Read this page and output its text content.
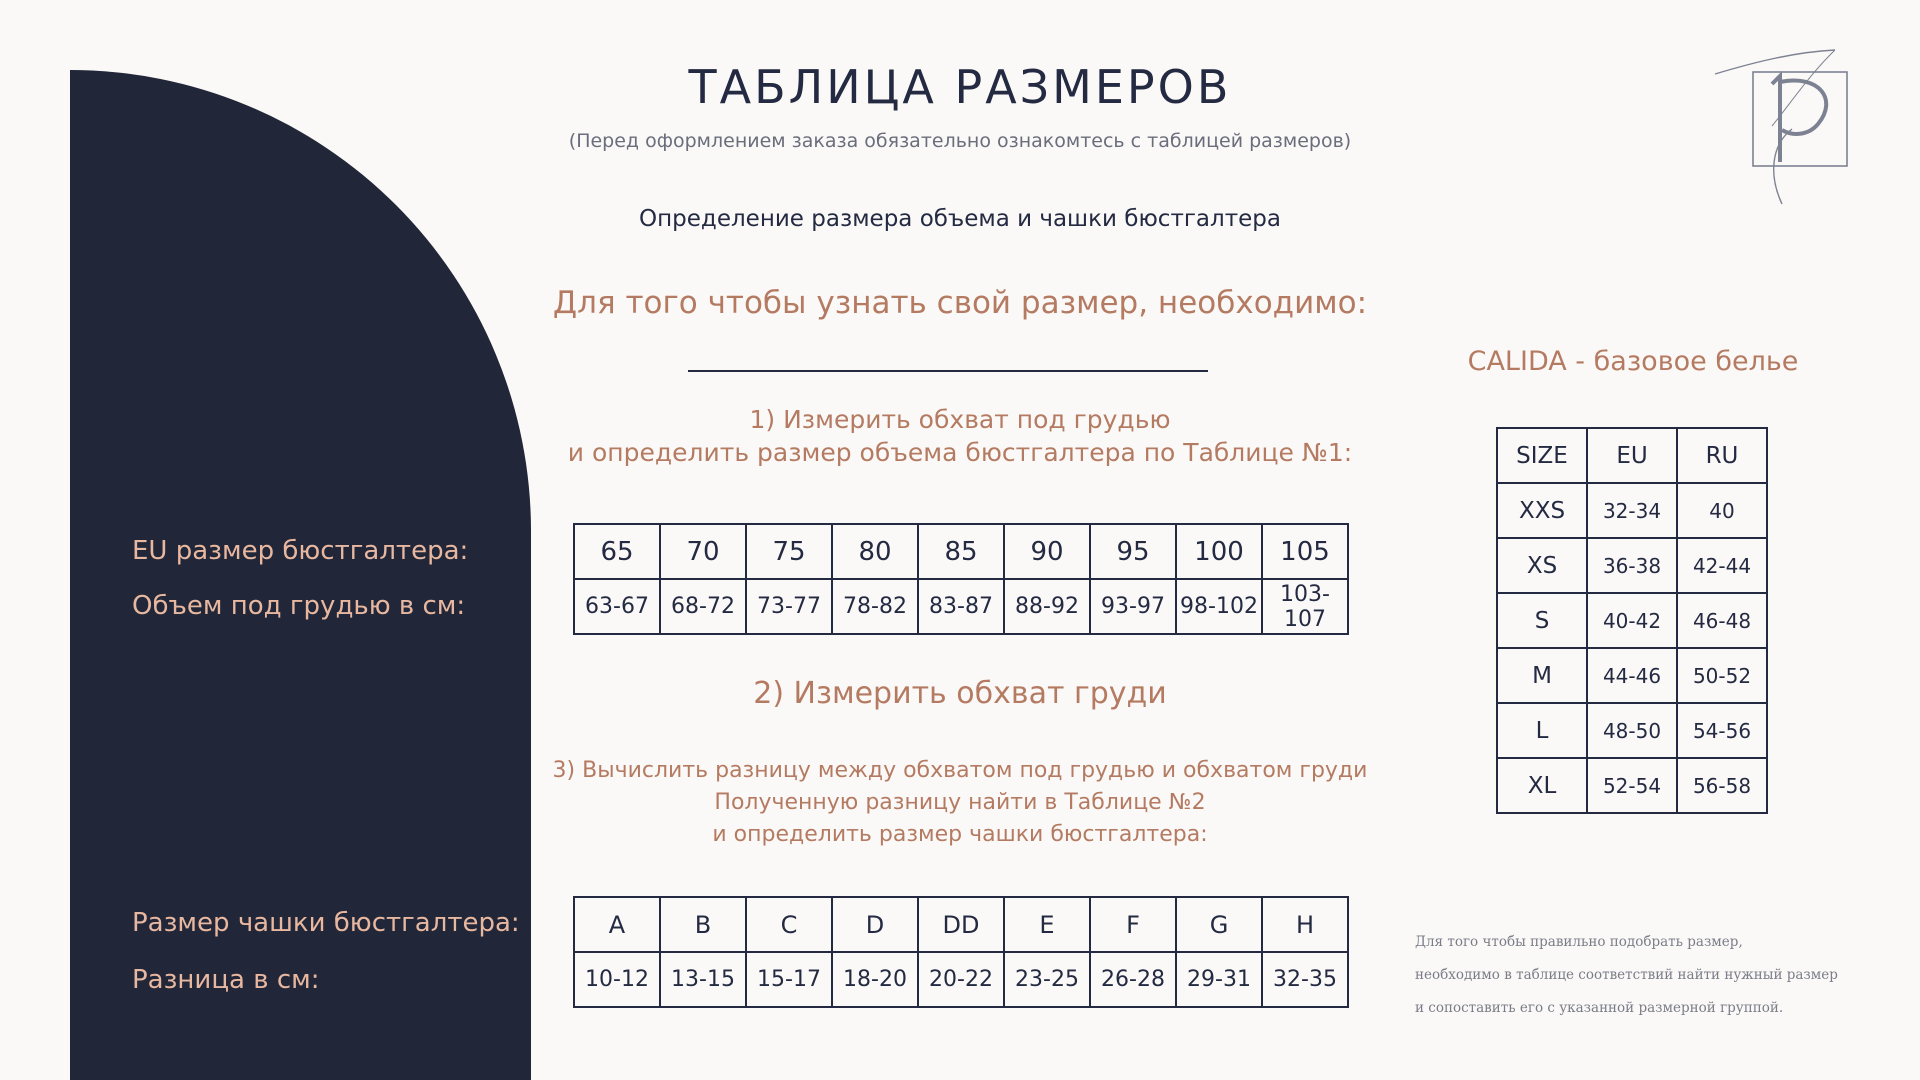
EU размер бюстгалтера:
Объем под грудью в см:
Размер чашки бюстгалтера:
Разница в см:
ТАБЛИЦА РАЗМЕРОВ
(Перед оформлением заказа обязательно ознакомтесь с таблицей размеров)
Определение размера объема и чашки бюстгалтера
Для того чтобы узнать свой размер, необходимо:
1) Измерить обхват под грудью
и определить размер объема бюстгалтера по Таблице №1:
65	70	75	80	85	90	95	100	105
63-67	68-72	73-77	78-82	83-87	88-92	93-97	98-102	103-107
2) Измерить обхват груди
3) Вычислить разницу между обхватом под грудью и обхватом груди
Полученную разницу найти в Таблице №2
и определить размер чашки бюстгалтера:
A	B	C	D	DD	E	F	G	H
10-12	13-15	15-17	18-20	20-22	23-25	26-28	29-31	32-35
CALIDA - базовое белье
SIZE	EU	RU
XXS	32-34	40
XS	36-38	42-44
S	40-42	46-48
M	44-46	50-52
L	48-50	54-56
XL	52-54	56-58
Для того чтобы правильно подобрать размер,
необходимо в таблице соответствий найти нужный размер
и сопоставить его с указанной размерной группой.
